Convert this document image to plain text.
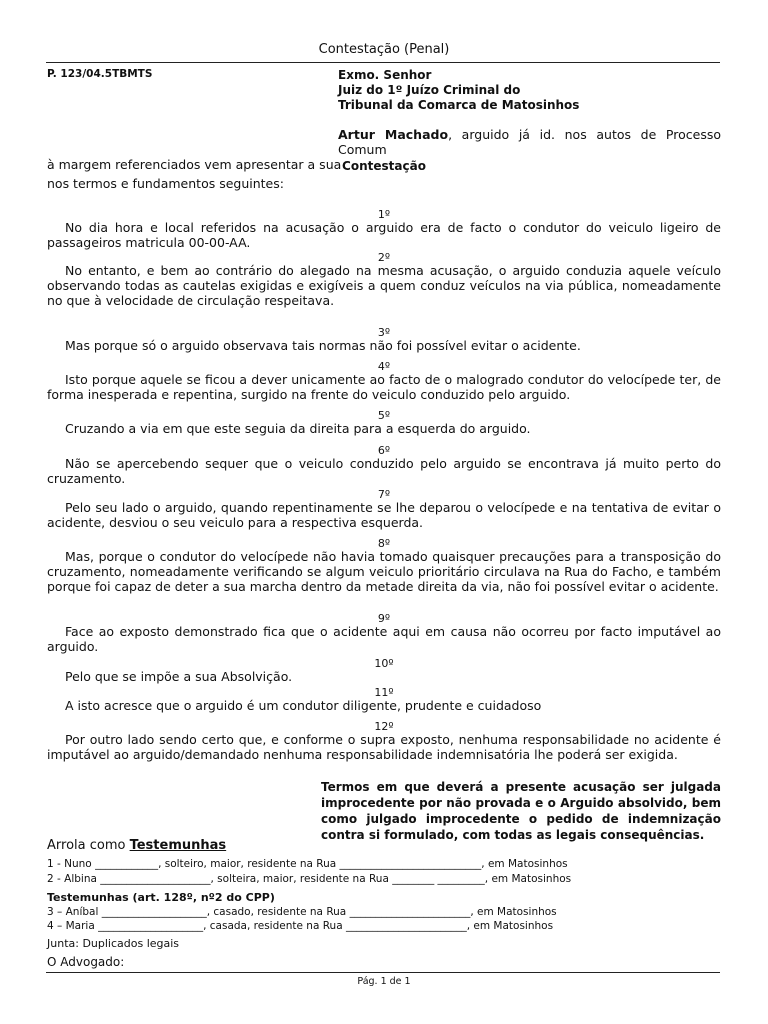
Contestação (Penal)
P. 123/04.5TBMTS	Exmo. Senhor
Juiz do 1º Juízo Criminal do
Tribunal da Comarca de Matosinhos
Artur Machado, arguido já id. nos autos de Processo Comum
à margem referenciados vem apresentar a sua Contestação
nos termos e fundamentos seguintes:
1º
No dia hora e local referidos na acusação o arguido era de facto o condutor do veiculo ligeiro de passageiros matricula 00-00-AA.
2º
No entanto, e bem ao contrário do alegado na mesma acusação, o arguido conduzia aquele veículo observando todas as cautelas exigidas e exigíveis a quem conduz veículos na via pública, nomeadamente no que à velocidade de circulação respeitava.
3º
Mas porque só o arguido observava tais normas não foi possível evitar o acidente.
4º
Isto porque aquele se ficou a dever unicamente ao facto de o malogrado condutor do velocípede ter, de forma inesperada e repentina, surgido na frente do veiculo conduzido pelo arguido.
5º
Cruzando a via em que este seguia da direita para a esquerda do arguido.
6º
Não se apercebendo sequer que o veiculo conduzido pelo arguido se encontrava já muito perto do cruzamento.
7º
Pelo seu lado o arguido, quando repentinamente se lhe deparou o velocípede e na tentativa de evitar o acidente, desviou o seu veiculo para a respectiva esquerda.
8º
Mas, porque o condutor do velocípede não havia tomado quaisquer precauções para a transposição do cruzamento, nomeadamente verificando se algum veiculo prioritário circulava na Rua do Facho, e também porque foi capaz de deter a sua marcha dentro da metade direita da via, não foi possível evitar o acidente.
9º
Face ao exposto demonstrado fica que o acidente aqui em causa não ocorreu por facto imputável ao arguido.
10º
Pelo que se impõe a sua Absolvição.
11º
A isto acresce que o arguido é um condutor diligente, prudente e cuidadoso
12º
Por outro lado sendo certo que, e conforme o supra exposto, nenhuma responsabilidade no acidente é imputável ao arguido/demandado nenhuma responsabilidade indemnisatória lhe poderá ser exigida.
Termos em que deverá a presente acusação ser julgada improcedente por não provada e o Arguido absolvido, bem como julgado improcedente o pedido de indemnização contra si formulado, com todas as legais consequências.
Arrola como Testemunhas
1 - Nuno ____________, solteiro, maior, residente na Rua ___________________________, em Matosinhos
2 - Albina _____________________, solteira, maior, residente na Rua ________ _________, em Matosinhos
Testemunhas (art. 128º, nº2 do CPP)
3 – Aníbal ____________________, casado, residente na Rua _______________________, em Matosinhos
4 – Maria ____________________, casada, residente na Rua _______________________, em Matosinhos
Junta: Duplicados legais
O Advogado:
Pág. 1 de 1
